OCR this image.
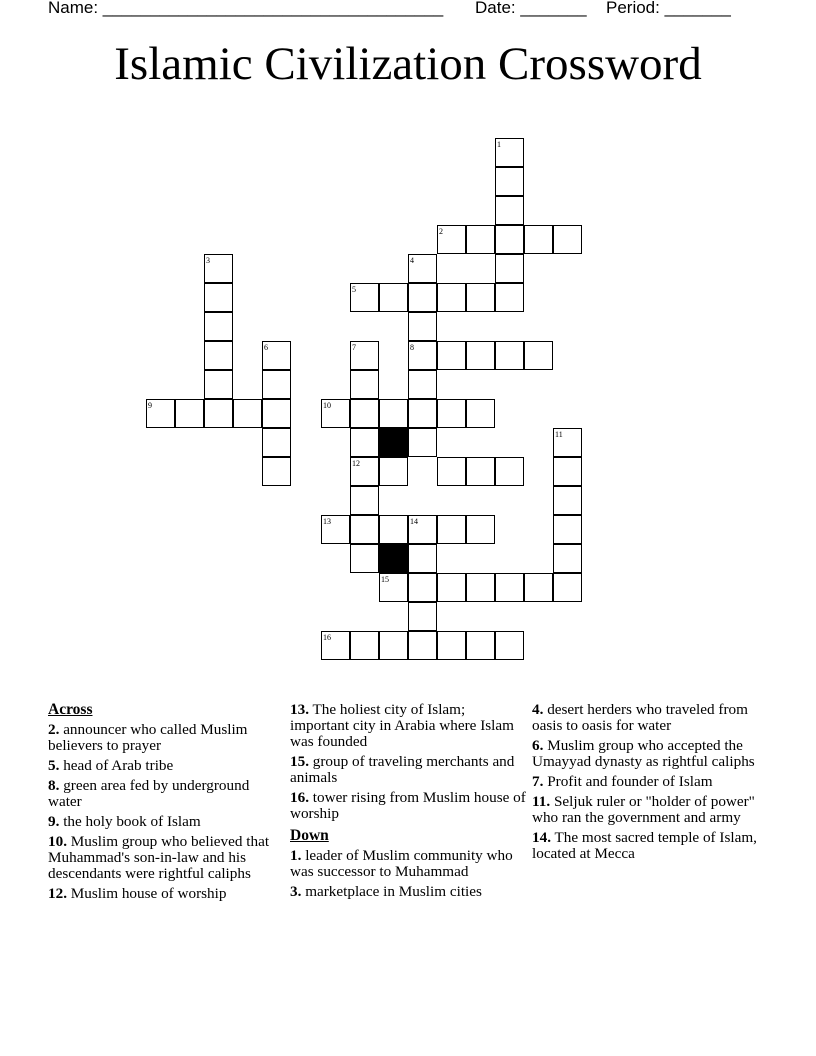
Name: ____________________________________

Date: _______

Period: _______

Islamic Civilization Crossword
1
2
3	4
5
6	7	8
9	10
11
12
13	14
15
16
Across
2. announcer who called Muslim believers to prayer
5. head of Arab tribe
8. green area fed by underground water
9. the holy book of Islam
10. Muslim group who believed that Muhammad's son-in-law and his descendants were rightful caliphs
12. Muslim house of worship
13. The holiest city of Islam; important city in Arabia where Islam was founded
15. group of traveling merchants and animals
16. tower rising from Muslim house of worship
Down
1. leader of Muslim community who was successor to Muhammad
3. marketplace in Muslim cities
4. desert herders who traveled from oasis to oasis for water
6. Muslim group who accepted the Umayyad dynasty as rightful caliphs
7. Profit and founder of Islam
11. Seljuk ruler or "holder of power" who ran the government and army
14. The most sacred temple of Islam, located at Mecca
